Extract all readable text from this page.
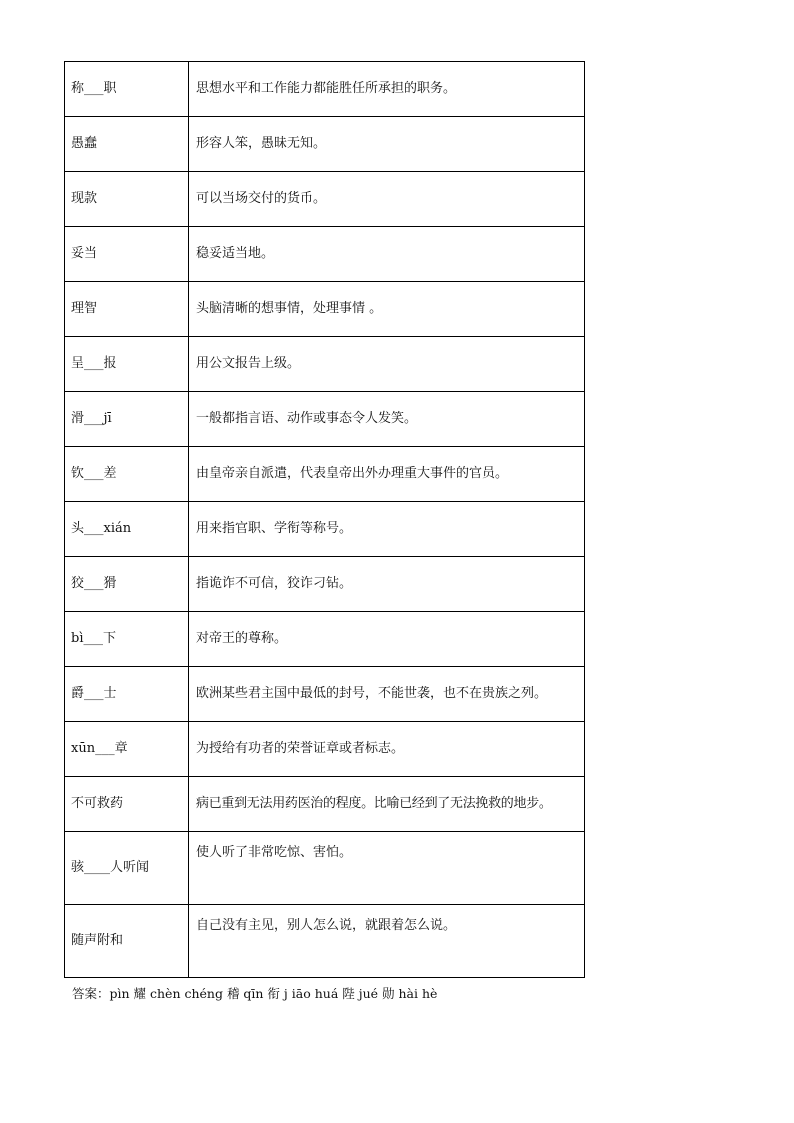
称___职	思想水平和工作能力都能胜任所承担的职务。
愚蠢	形容人笨，愚昧无知。
现款	可以当场交付的货币。
妥当	稳妥适当地。
理智	头脑清晰的想事情，处理事情 。
呈___报	用公文报告上级。
滑___jī	一般都指言语、动作或事态令人发笑。
钦___差	由皇帝亲自派遣，代表皇帝出外办理重大事件的官员。
头___xián	用来指官职、学衔等称号。
狡___猾	指诡诈不可信，狡诈刁钻。
bì___下	对帝王的尊称。
爵___士	欧洲某些君主国中最低的封号，不能世袭，也不在贵族之列。
xūn___章	为授给有功者的荣誉证章或者标志。
不可救药	病已重到无法用药医治的程度。比喻已经到了无法挽救的地步。
骇____人听闻	使人听了非常吃惊、害怕。
随声附和	自己没有主见，别人怎么说，就跟着怎么说。
答案：pìn 耀 chèn chéng 稽 qīn 衔 j iāo huá 陛 jué 勋 hài hè
